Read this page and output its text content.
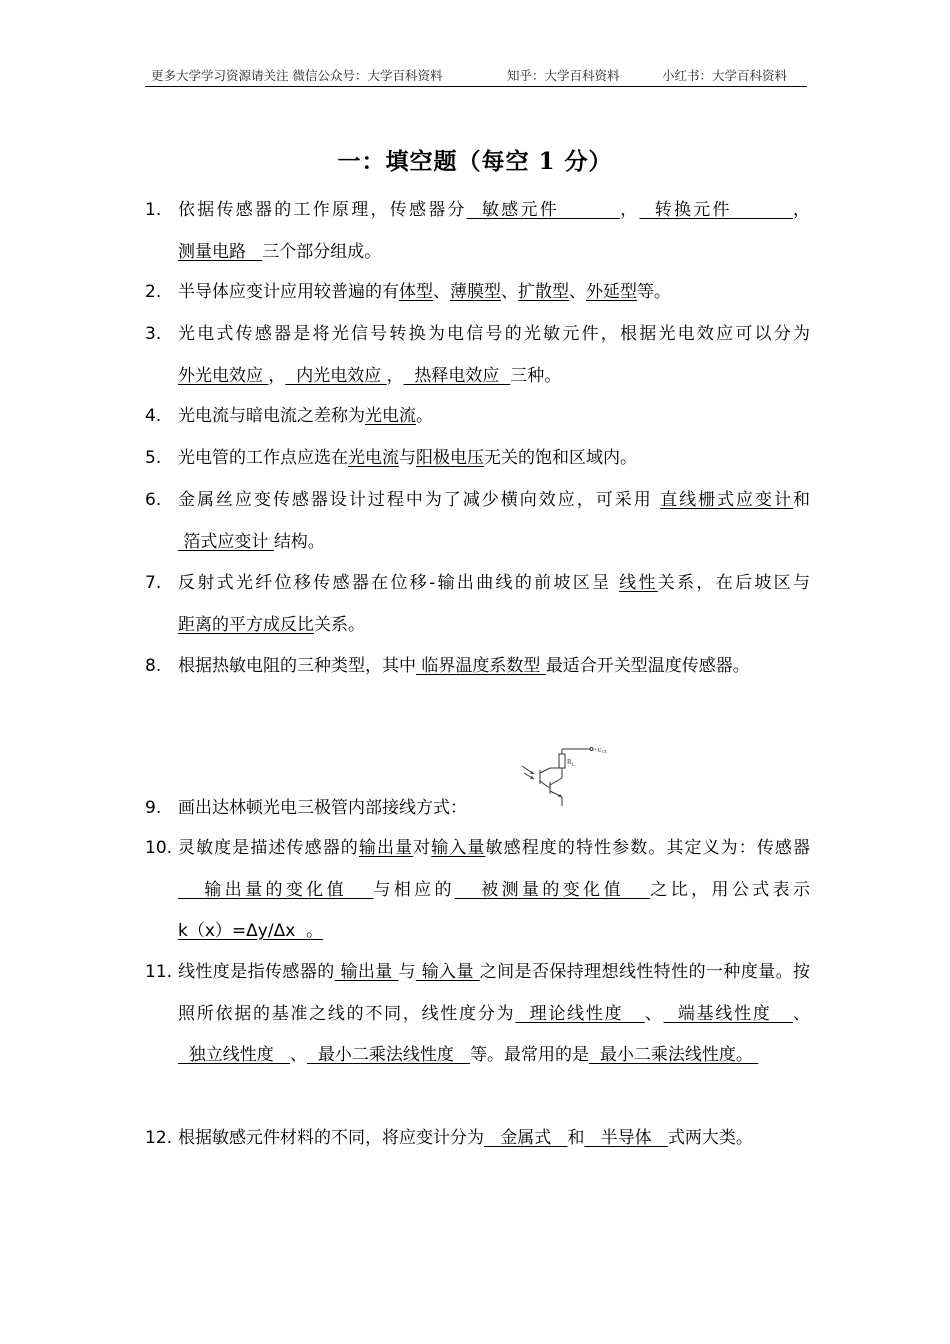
更多大学学习资源请关注 微信公众号：大学百科资料	知乎：大学百科资料	小红书：大学百科资料
一：填空题（每空 1 分）
1. 依据传感器的工作原理，传感器分  敏感元件        ，  转换元件        ，测量电路   三个部分组成。
2. 半导体应变计应用较普遍的有体型、薄膜型、扩散型、外延型等。
3. 光电式传感器是将光信号转换为电信号的光敏元件，根据光电效应可以分为外光电效应 ，  内光电效应 ，  热释电效应  三种。
4. 光电流与暗电流之差称为光电流。
5. 光电管的工作点应选在光电流与阳极电压无关的饱和区域内。
6. 金属丝应变传感器设计过程中为了减少横向效应，可采用 直线栅式应变计和  箔式应变计 结构。
7. 反射式光纤位移传感器在位移-输出曲线的前坡区呈 线性关系，在后坡区与距离的平方成反比关系。
8. 根据热敏电阻的三种类型，其中 临界温度系数型 最适合开关型温度传感器。
9. 画出达林顿光电三极管内部接线方式：
10. 灵敏度是描述传感器的输出量对输入量敏感程度的特性参数。其定义为：传感器   输出量的变化值   与相应的   被测量的变化值   之比，用公式表示k（x）=Δy/Δx  。
11. 线性度是指传感器的 输出量 与 输入量 之间是否保持理想线性特性的一种度量。按照所依据的基准之线的不同，线性度分为  理论线性度   、  端基线性度   、  独立线性度   、  最小二乘法线性度   等。最常用的是  最小二乘法线性度。
12. 根据敏感元件材料的不同，将应变计分为   金属式   和   半导体   式两大类。
$R_L$
+UCE
